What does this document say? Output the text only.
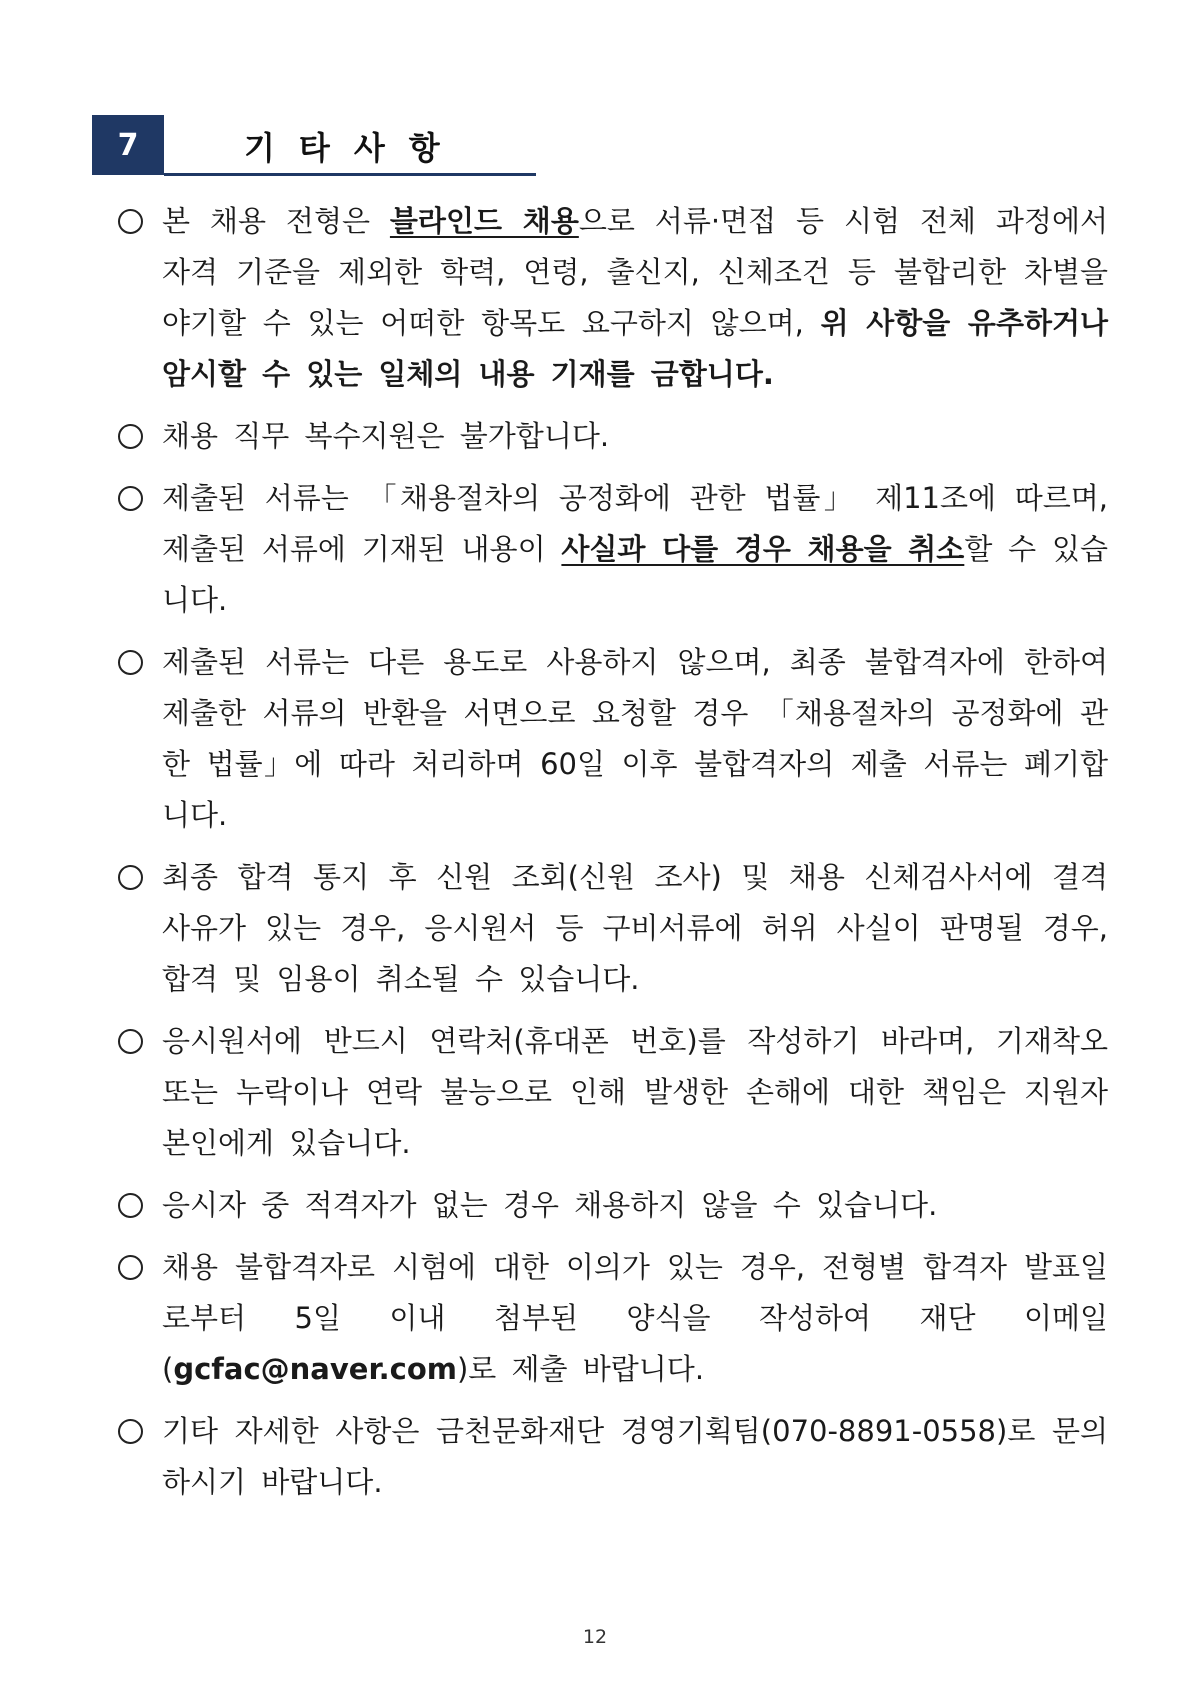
7	기타사항
본 채용 전형은 블라인드 채용으로 서류·면접 등 시험 전체 과정에서 자격 기준을 제외한 학력, 연령, 출신지, 신체조건 등 불합리한 차별을 야기할 수 있는 어떠한 항목도 요구하지 않으며, 위 사항을 유추하거나 암시할 수 있는 일체의 내용 기재를 금합니다.
채용 직무 복수지원은 불가합니다.
제출된 서류는 「채용절차의 공정화에 관한 법률」 제11조에 따르며, 제출된 서류에 기재된 내용이 사실과 다를 경우 채용을 취소할 수 있습니다.
제출된 서류는 다른 용도로 사용하지 않으며, 최종 불합격자에 한하여 제출한 서류의 반환을 서면으로 요청할 경우 「채용절차의 공정화에 관한 법률」에 따라 처리하며 60일 이후 불합격자의 제출 서류는 폐기합니다.
최종 합격 통지 후 신원 조회(신원 조사) 및 채용 신체검사서에 결격 사유가 있는 경우, 응시원서 등 구비서류에 허위 사실이 판명될 경우, 합격 및 임용이 취소될 수 있습니다.
응시원서에 반드시 연락처(휴대폰 번호)를 작성하기 바라며, 기재착오 또는 누락이나 연락 불능으로 인해 발생한 손해에 대한 책임은 지원자 본인에게 있습니다.
응시자 중 적격자가 없는 경우 채용하지 않을 수 있습니다.
채용 불합격자로 시험에 대한 이의가 있는 경우, 전형별 합격자 발표일로부터 5일 이내 첨부된 양식을 작성하여 재단 이메일(gcfac@naver.com)로 제출 바랍니다.
기타 자세한 사항은 금천문화재단 경영기획팀(070-8891-0558)로 문의하시기 바랍니다.
12
